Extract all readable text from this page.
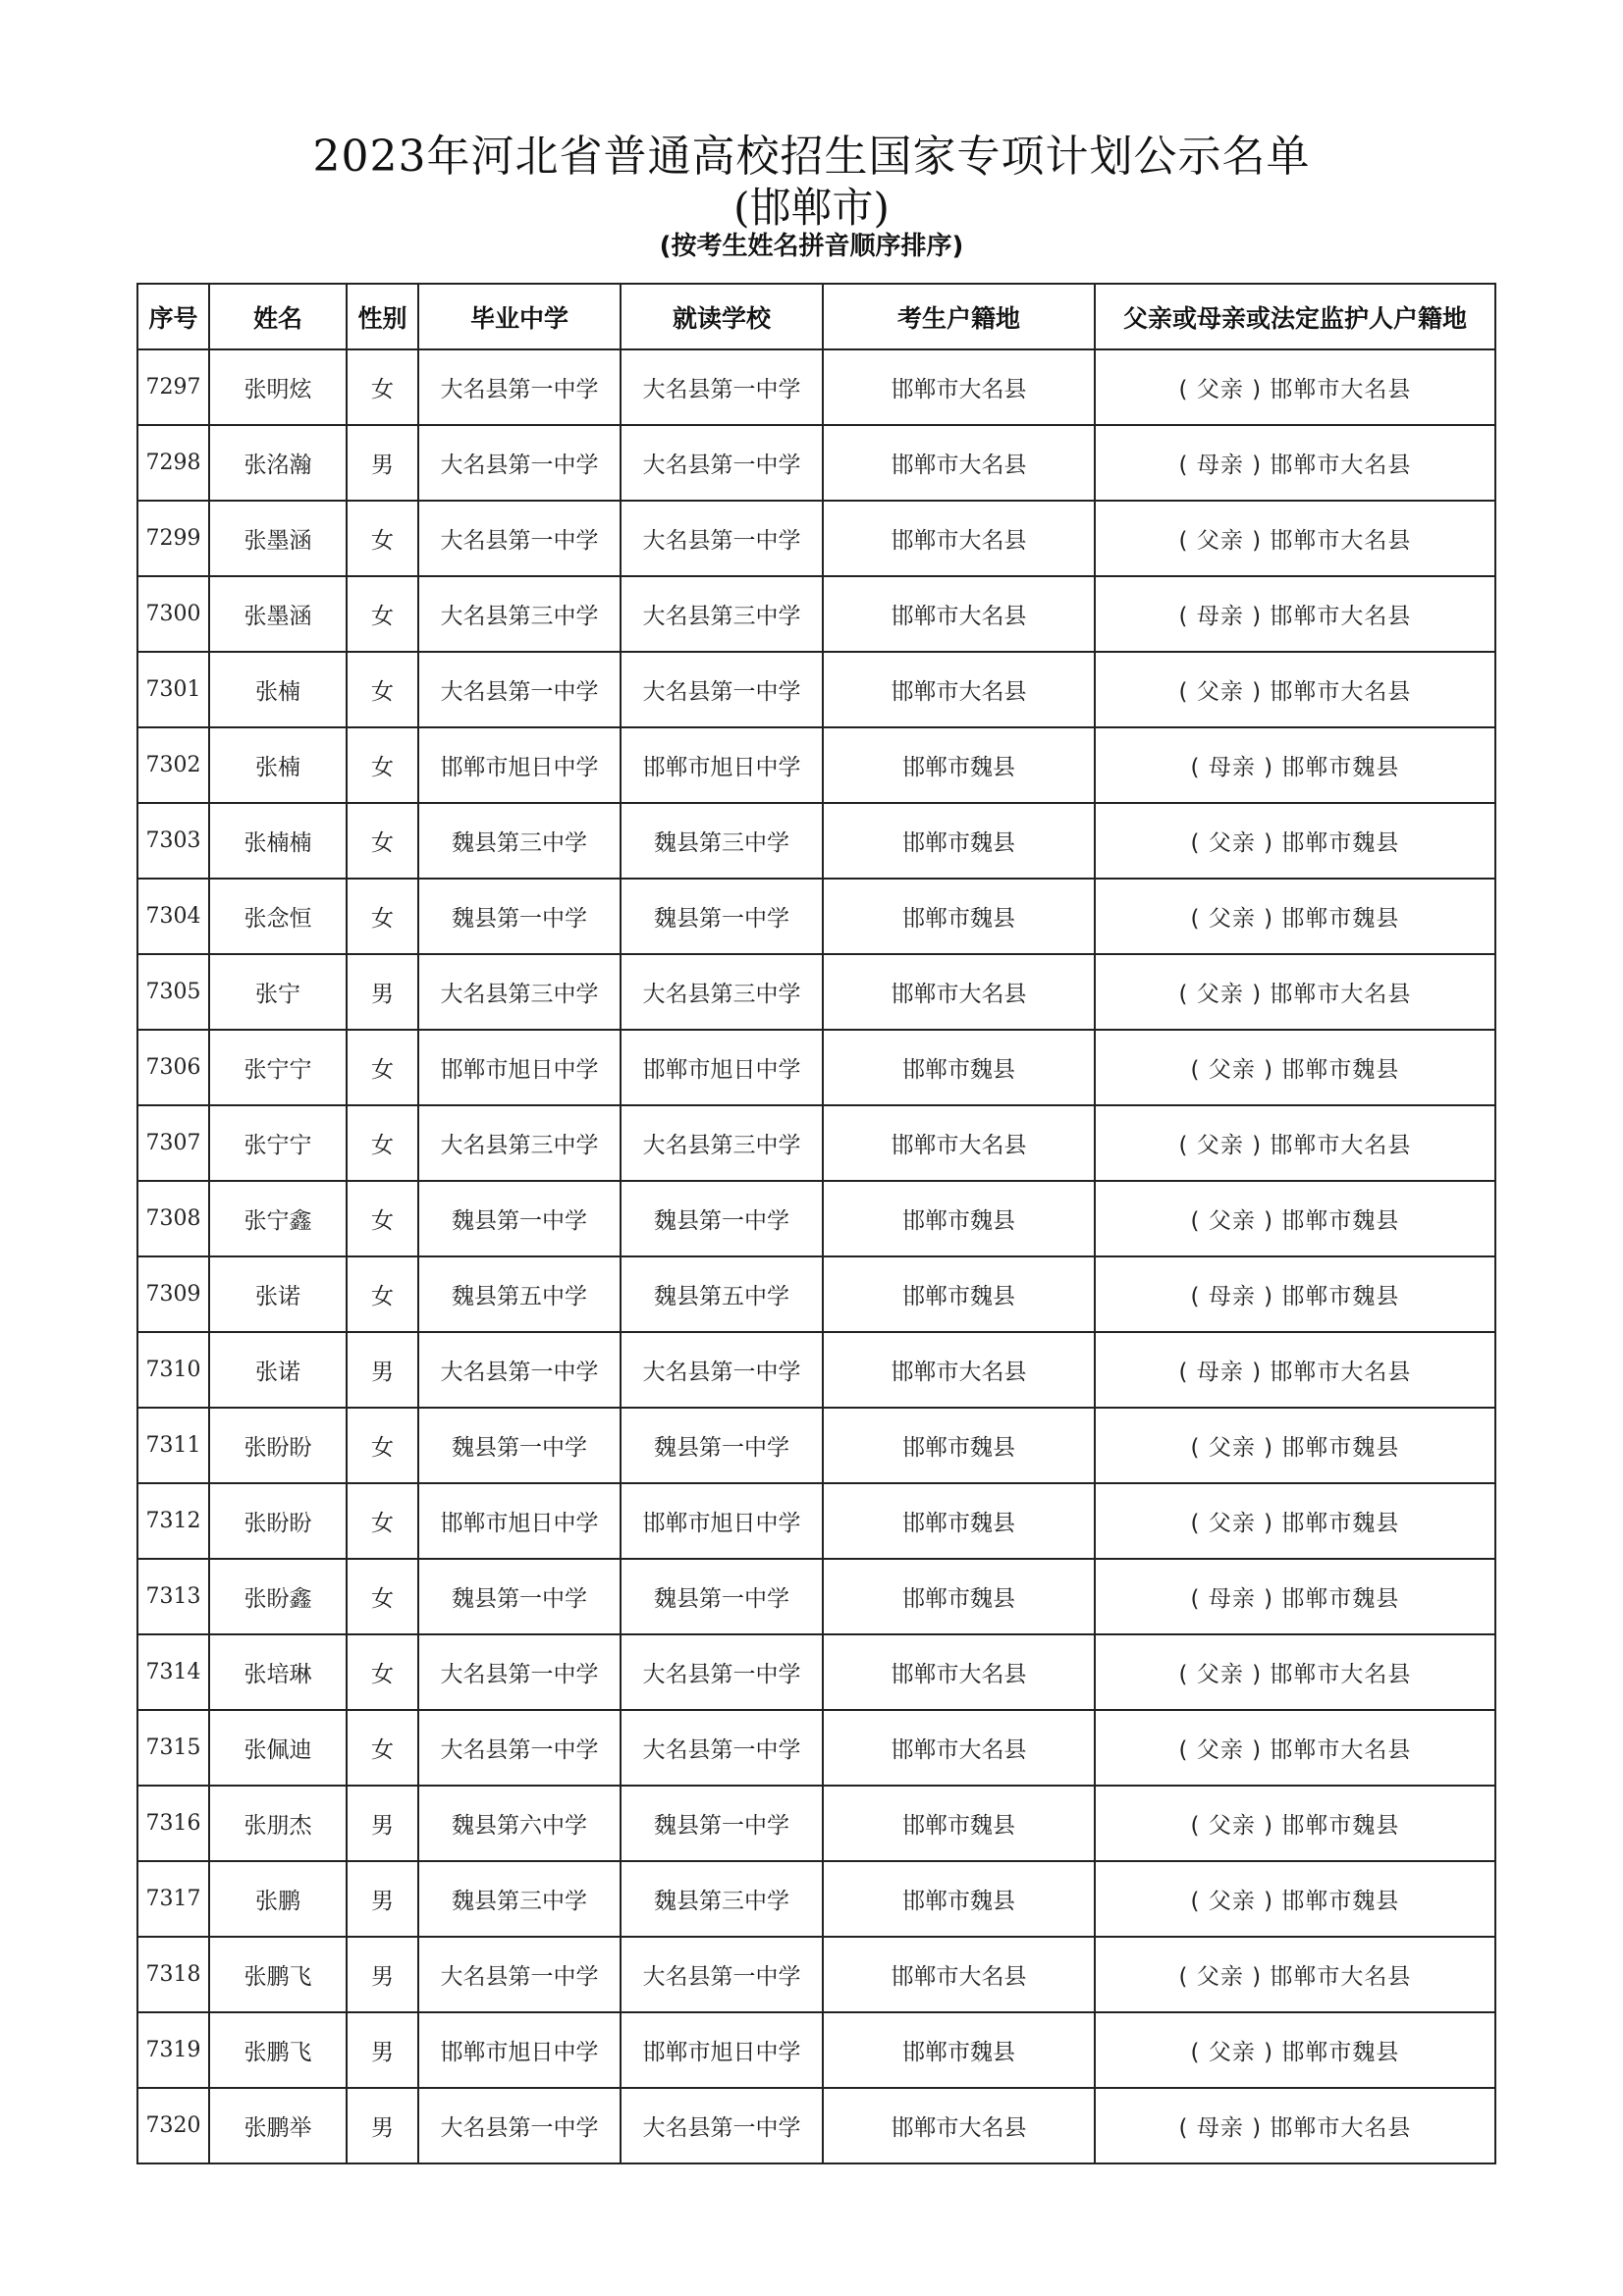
2023年河北省普通高校招生国家专项计划公示名单
(邯郸市)
(按考生姓名拼音顺序排序)
序号	姓名	性别	毕业中学	就读学校	考生户籍地	父亲或母亲或法定监护人户籍地
7297	张明炫	女	大名县第一中学	大名县第一中学	邯郸市大名县	( 父亲 ) 邯郸市大名县
7298	张洺瀚	男	大名县第一中学	大名县第一中学	邯郸市大名县	( 母亲 ) 邯郸市大名县
7299	张墨涵	女	大名县第一中学	大名县第一中学	邯郸市大名县	( 父亲 ) 邯郸市大名县
7300	张墨涵	女	大名县第三中学	大名县第三中学	邯郸市大名县	( 母亲 ) 邯郸市大名县
7301	张楠	女	大名县第一中学	大名县第一中学	邯郸市大名县	( 父亲 ) 邯郸市大名县
7302	张楠	女	邯郸市旭日中学	邯郸市旭日中学	邯郸市魏县	( 母亲 ) 邯郸市魏县
7303	张楠楠	女	魏县第三中学	魏县第三中学	邯郸市魏县	( 父亲 ) 邯郸市魏县
7304	张念恒	女	魏县第一中学	魏县第一中学	邯郸市魏县	( 父亲 ) 邯郸市魏县
7305	张宁	男	大名县第三中学	大名县第三中学	邯郸市大名县	( 父亲 ) 邯郸市大名县
7306	张宁宁	女	邯郸市旭日中学	邯郸市旭日中学	邯郸市魏县	( 父亲 ) 邯郸市魏县
7307	张宁宁	女	大名县第三中学	大名县第三中学	邯郸市大名县	( 父亲 ) 邯郸市大名县
7308	张宁鑫	女	魏县第一中学	魏县第一中学	邯郸市魏县	( 父亲 ) 邯郸市魏县
7309	张诺	女	魏县第五中学	魏县第五中学	邯郸市魏县	( 母亲 ) 邯郸市魏县
7310	张诺	男	大名县第一中学	大名县第一中学	邯郸市大名县	( 母亲 ) 邯郸市大名县
7311	张盼盼	女	魏县第一中学	魏县第一中学	邯郸市魏县	( 父亲 ) 邯郸市魏县
7312	张盼盼	女	邯郸市旭日中学	邯郸市旭日中学	邯郸市魏县	( 父亲 ) 邯郸市魏县
7313	张盼鑫	女	魏县第一中学	魏县第一中学	邯郸市魏县	( 母亲 ) 邯郸市魏县
7314	张培琳	女	大名县第一中学	大名县第一中学	邯郸市大名县	( 父亲 ) 邯郸市大名县
7315	张佩迪	女	大名县第一中学	大名县第一中学	邯郸市大名县	( 父亲 ) 邯郸市大名县
7316	张朋杰	男	魏县第六中学	魏县第一中学	邯郸市魏县	( 父亲 ) 邯郸市魏县
7317	张鹏	男	魏县第三中学	魏县第三中学	邯郸市魏县	( 父亲 ) 邯郸市魏县
7318	张鹏飞	男	大名县第一中学	大名县第一中学	邯郸市大名县	( 父亲 ) 邯郸市大名县
7319	张鹏飞	男	邯郸市旭日中学	邯郸市旭日中学	邯郸市魏县	( 父亲 ) 邯郸市魏县
7320	张鹏举	男	大名县第一中学	大名县第一中学	邯郸市大名县	( 母亲 ) 邯郸市大名县
